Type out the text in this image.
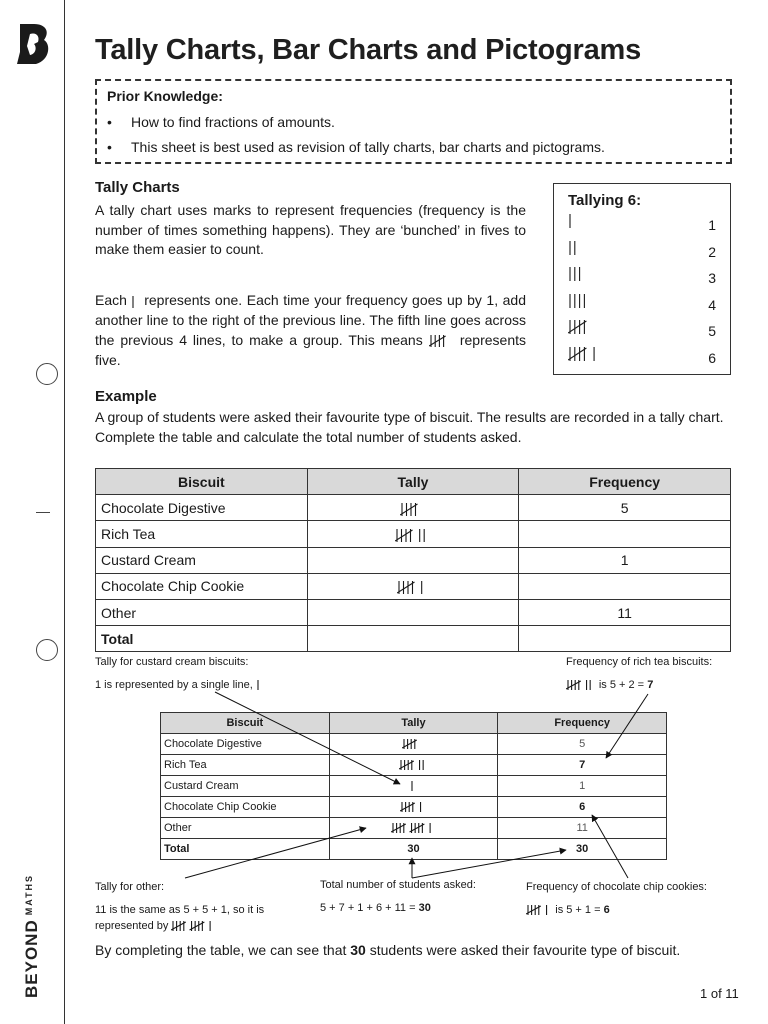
$BEYOND^{MATHS}$
Tally Charts, Bar Charts and Pictograms
Prior Knowledge:
• How to find fractions of amounts.
• This sheet is best used as revision of tally charts, bar charts and pictograms.
Tally Charts
A tally chart uses marks to represent frequencies (frequency is the number of times something happens). They are ‘bunched’ in fives to make them easier to count.
Each represents one. Each time your frequency goes up by 1, add another line to the right of the previous line. The fifth line goes across the previous 4 lines, to make a group. This means	represents five.
Tallying 6:
1
2
3
4
5
6
Example
A group of students were asked their favourite type of biscuit. The results are recorded in a tally chart. Complete the table and calculate the total number of students asked.
Biscuit	Tally	Frequency
Chocolate Digestive		5
Rich Tea		
Custard Cream		1
Chocolate Chip Cookie		
Other		11
Total		
Tally for custard cream biscuits:
1 is represented by a single line,
Frequency of rich tea biscuits:
is 5 + 2 = 7
Biscuit	Tally	Frequency
Chocolate Digestive		5
Rich Tea		7
Custard Cream		1
Chocolate Chip Cookie		6
Other		11
Total	30	30
Tally for other:
11 is the same as 5 + 5 + 1, so it is
represented by
Total number of students asked:
5 + 7 + 1 + 6 + 11 = 30
Frequency of chocolate chip cookies:
is 5 + 1 = 6
By completing the table, we can see that 30 students were asked their favourite type of biscuit.
1 of 11
